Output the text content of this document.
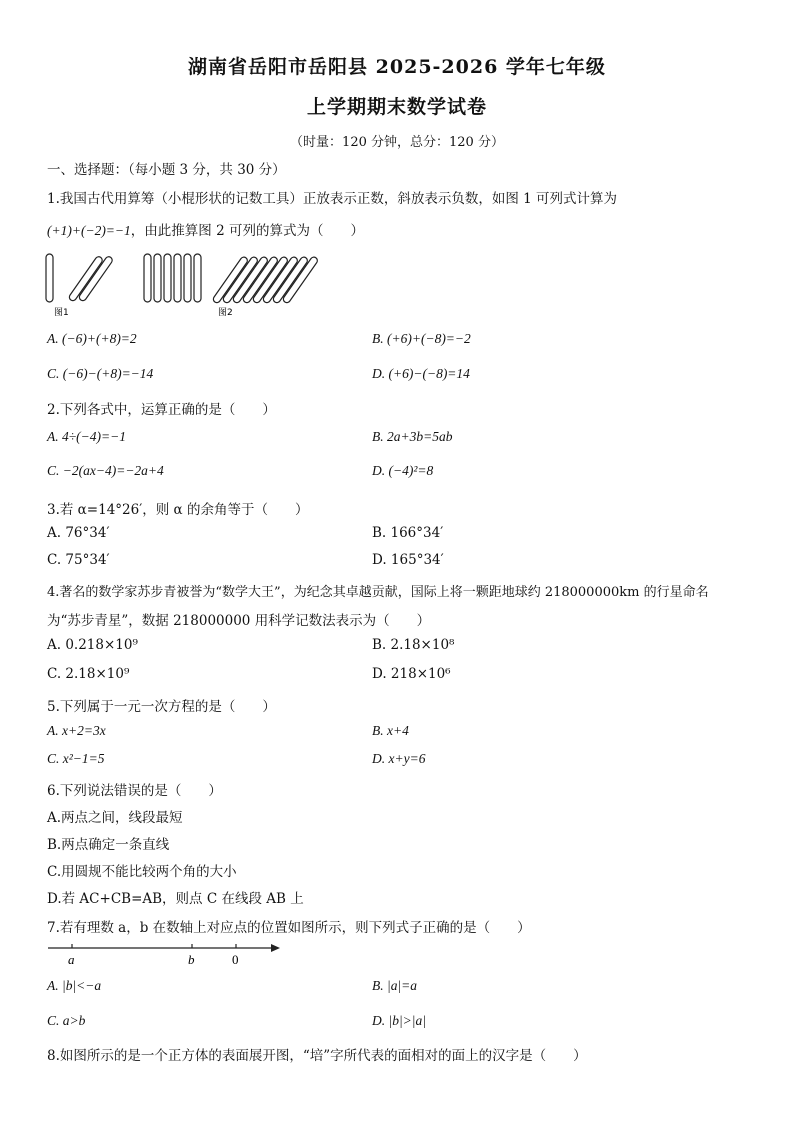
湖南省岳阳市岳阳县 2025-2026 学年七年级
上学期期末数学试卷
（时量：120 分钟，总分：120 分）
一、选择题：（每小题 3 分，共 30 分）
1.我国古代用算筹（小棍形状的记数工具）正放表示正数，斜放表示负数，如图 1 可列式计算为
(+1)+(−2)=−1，由此推算图 2 可列的算式为（　　）
图1	图2
A. (−6)+(+8)=2	B. (+6)+(−8)=−2
C. (−6)−(+8)=−14	D. (+6)−(−8)=14
2.下列各式中，运算正确的是（　　）
A. 4÷(−4)=−1	B. 2a+3b=5ab
C. −2(ax−4)=−2a+4	D. (−4)²=8
3.若 α=14°26′，则 α 的余角等于（　　）
A. 76°34′	B. 166°34′
C. 75°34′	D. 165°34′
4.著名的数学家苏步青被誉为“数学大王”，为纪念其卓越贡献，国际上将一颗距地球约 218000000km 的行星命名
为“苏步青星”，数据 218000000 用科学记数法表示为（　　）
A. 0.218×10⁹	B. 2.18×10⁸
C. 2.18×10⁹	D. 218×10⁶
5.下列属于一元一次方程的是（　　）
A. x+2=3x	B. x+4
C. x²−1=5	D. x+y=6
6.下列说法错误的是（　　）
A.两点之间，线段最短
B.两点确定一条直线
C.用圆规不能比较两个角的大小
D.若 AC+CB=AB，则点 C 在线段 AB 上
7.若有理数 a，b 在数轴上对应点的位置如图所示，则下列式子正确的是（　　）
a	b	0
A. |b|<−a	B. |a|=a
C. a>b	D. |b|>|a|
8.如图所示的是一个正方体的表面展开图，“培”字所代表的面相对的面上的汉字是（　　）
